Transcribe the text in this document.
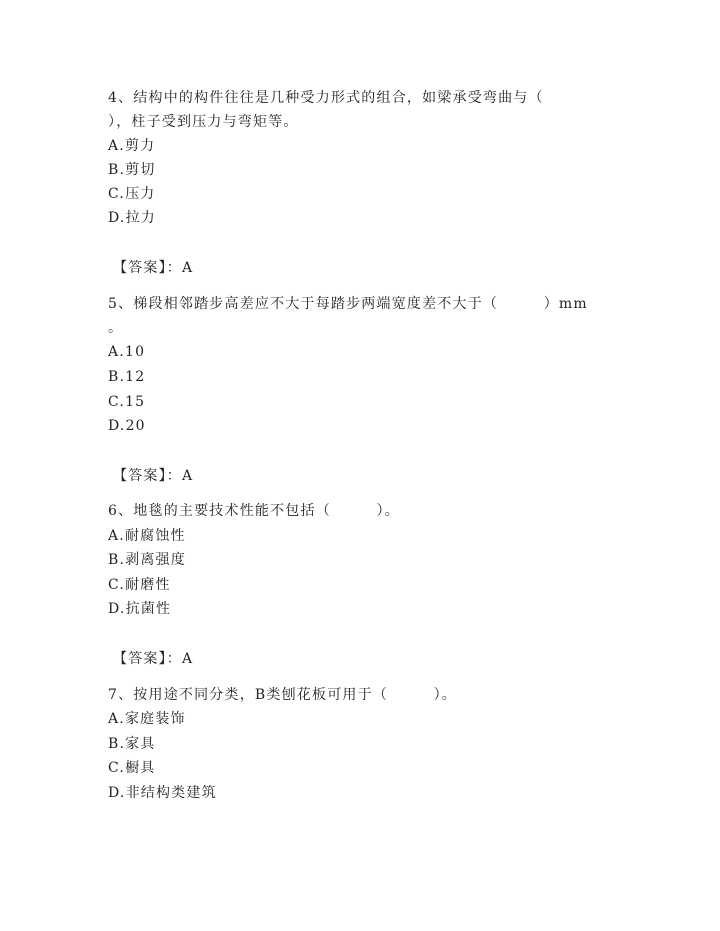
4、结构中的构件往往是几种受力形式的组合，如梁承受弯曲与（
），柱子受到压力与弯矩等。
A.剪力
B.剪切
C.压力
D.拉力
【答案】：A
5、梯段相邻踏步高差应不大于每踏步两端宽度差不大于（　　　）mm
。
A.10
B.12
C.15
D.20
【答案】：A
6、地毯的主要技术性能不包括（　　　）。
A.耐腐蚀性
B.剥离强度
C.耐磨性
D.抗菌性
【答案】：A
7、按用途不同分类，B类刨花板可用于（　　　）。
A.家庭装饰
B.家具
C.橱具
D.非结构类建筑
